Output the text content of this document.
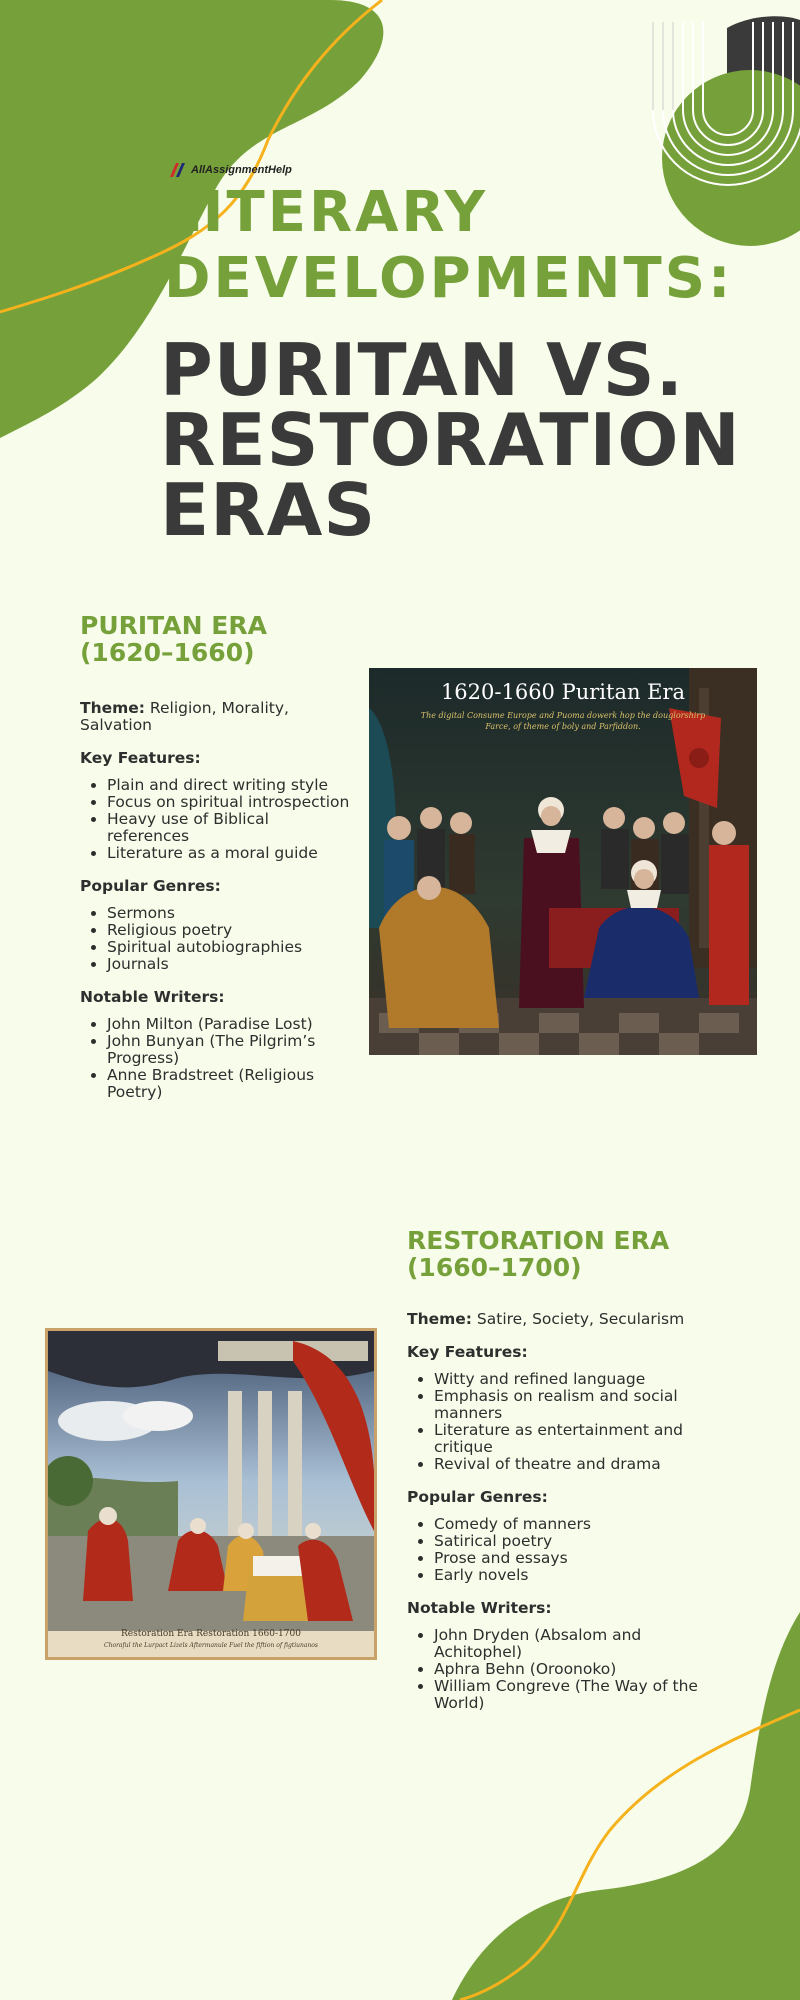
AllAssignmentHelp
LITERARY DEVELOPMENTS:
PURITAN VS. RESTORATION ERAS
PURITAN ERA (1620–1660)

Theme: Religion, Morality, Salvation

Key Features:

• Plain and direct writing style
• Focus on spiritual introspection
• Heavy use of Biblical references
• Literature as a moral guide

Popular Genres:

• Sermons
• Religious poetry
• Spiritual autobiographies
• Journals

Notable Writers:

• John Milton (Paradise Lost)
• John Bunyan (The Pilgrim’s Progress)
• Anne Bradstreet (Religious Poetry)
1620-1660 Puritan Era
The digital Consume Europe and Puoma dowerk hop the douglorshirp Farce, of theme of boly and Parfiddon.
RESTORATION ERA (1660–1700)

Theme: Satire, Society, Secularism

Key Features:

• Witty and refined language
• Emphasis on realism and social manners
• Literature as entertainment and critique
• Revival of theatre and drama

Popular Genres:

• Comedy of manners
• Satirical poetry
• Prose and essays
• Early novels

Notable Writers:

• John Dryden (Absalom and Achitophel)
• Aphra Behn (Oroonoko)
• William Congreve (The Way of the World)
Restoration Era Restoration 1660-1700
Choraful the Lurpact Lizels Aftermanule Fuel the fiftion of figtiunanos
